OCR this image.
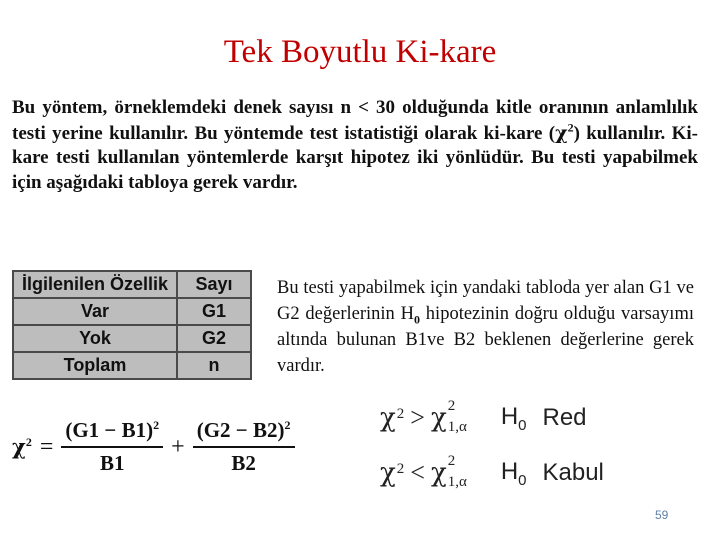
Tek Boyutlu Ki-kare
Bu yöntem, örneklemdeki denek sayısı n < 30 olduğunda kitle oranının anlamlılık testi yerine kullanılır. Bu yöntemde test istatistiği olarak ki-kare $(\chi^2)$ kullanılır. Ki-kare testi kullanılan yöntemlerde karşıt hipotez iki yönlüdür. Bu testi yapabilmek için aşağıdaki tabloya gerek vardır.
İlgilenilen Özellik	Sayı
Var	G1
Yok	G2
Toplam	n
Bu testi yapabilmek için yandaki tabloda yer alan G1 ve G2 değerlerinin $H_0$ hipotezinin doğru olduğu varsayımı altında bulunan B1ve B2 beklenen değerlerine gerek vardır.
$\chi^2 = \frac{(G1 - B1)^2}{B1} + \frac{(G2 - B2)^2}{B2}$	χ 2 > χ 2
1,α $H_0$ Red
χ 2 < χ 2
1,α $H_0$ Kabul
59
